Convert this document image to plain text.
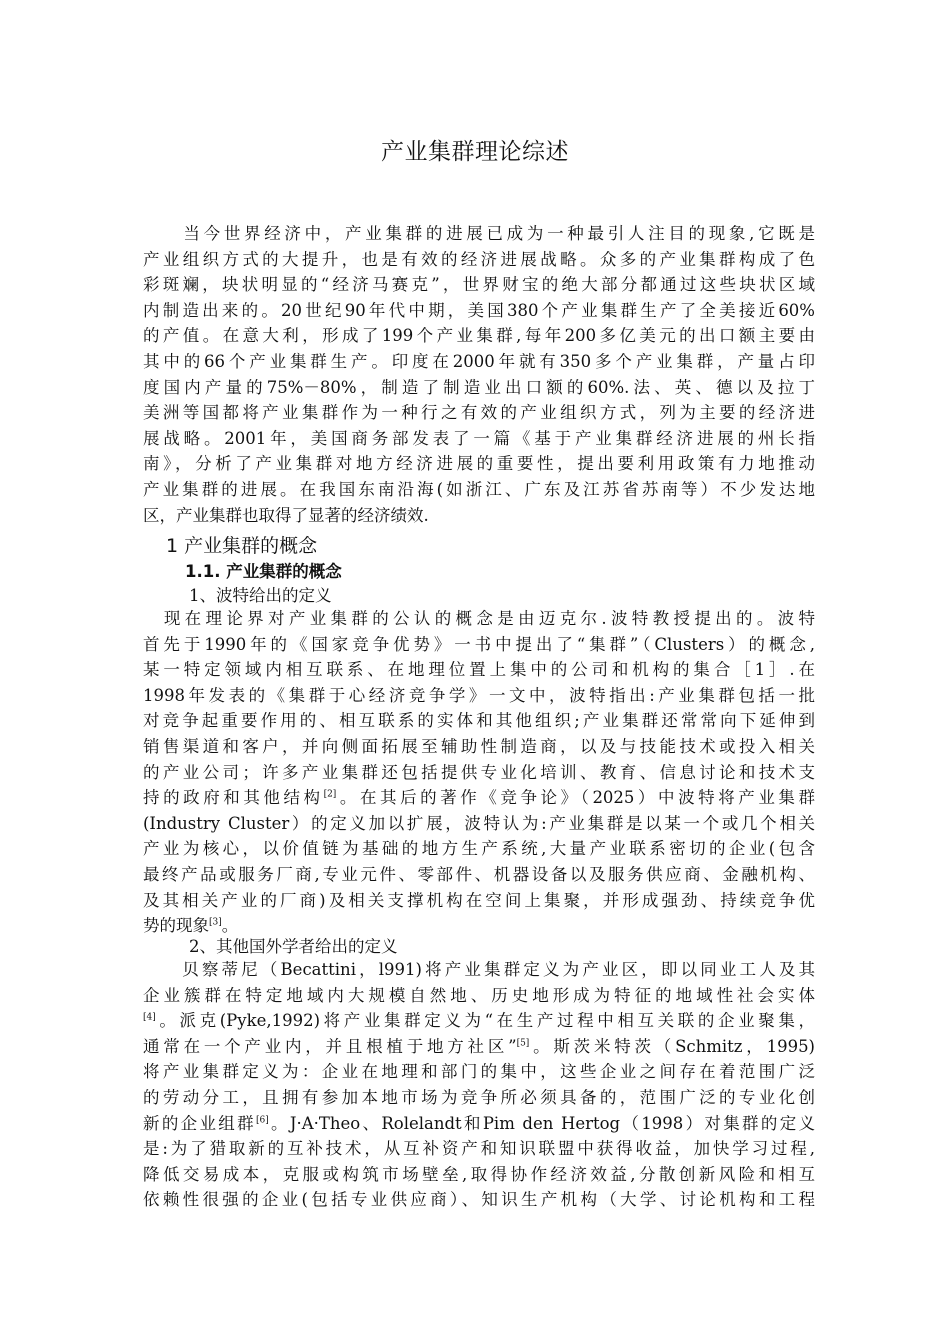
产业集群理论综述
　　当今世界经济中，产业集群的进展已成为一种最引人注目的现象,它既是
产业组织方式的大提升，也是有效的经济进展战略。众多的产业集群构成了色
彩斑斓，块状明显的“经济马赛克”，世界财宝的绝大部分都通过这些块状区域
内制造出来的。20世纪90年代中期，美国380个产业集群生产了全美接近60%
的产值。在意大利，形成了199个产业集群,每年200多亿美元的出口额主要由
其中的66个产业集群生产。印度在2000年就有350多个产业集群，产量占印
度国内产量的75%－80%，制造了制造业出口额的60%.法、英、德以及拉丁
美洲等国都将产业集群作为一种行之有效的产业组织方式，列为主要的经济进
展战略。2001年，美国商务部发表了一篇《基于产业集群经济进展的州长指
南》，分析了产业集群对地方经济进展的重要性，提出要利用政策有力地推动
产业集群的进展。在我国东南沿海(如浙江、广东及江苏省苏南等）不少发达地
区，产业集群也取得了显著的经济绩效.
1 产业集群的概念
1.1. 产业集群的概念
1、波特给出的定义
　现在理论界对产业集群的公认的概念是由迈克尔.波特教授提出的。波特
首先于1990年的《国家竞争优势》一书中提出了“集群”（Clusters）的概念,
某一特定领域内相互联系、在地理位置上集中的公司和机构的集合［1］.在
1998年发表的《集群于心经济竞争学》一文中，波特指出:产业集群包括一批
对竞争起重要作用的、相互联系的实体和其他组织;产业集群还常常向下延伸到
销售渠道和客户，并向侧面拓展至辅助性制造商，以及与技能技术或投入相关
的产业公司；许多产业集群还包括提供专业化培训、教育、信息讨论和技术支
持的政府和其他结构[2]。在其后的著作《竞争论》（2025）中波特将产业集群
(Industry Cluster）的定义加以扩展，波特认为:产业集群是以某一个或几个相关
产业为核心，以价值链为基础的地方生产系统,大量产业联系密切的企业(包含
最终产品或服务厂商,专业元件、零部件、机器设备以及服务供应商、金融机构、
及其相关产业的厂商)及相关支撑机构在空间上集聚，并形成强劲、持续竞争优
势的现象[3]。
2、其他国外学者给出的定义
　　贝察蒂尼（Becattini，l991)将产业集群定义为产业区，即以同业工人及其
企业簇群在特定地域内大规模自然地、历史地形成为特征的地域性社会实体
[4]。派克(Pyke,1992)将产业集群定义为“在生产过程中相互关联的企业聚集，
通常在一个产业内，并且根植于地方社区”[5]。斯茨米特茨（Schmitz，1995)
将产业集群定义为：企业在地理和部门的集中，这些企业之间存在着范围广泛
的劳动分工，且拥有参加本地市场为竞争所必须具备的，范围广泛的专业化创
新的企业组群[6]。J·A·Theo、Rolelandt和Pim den Hertog（1998）对集群的定义
是:为了猎取新的互补技术，从互补资产和知识联盟中获得收益，加快学习过程,
降低交易成本，克服或构筑市场壁垒,取得协作经济效益,分散创新风险和相互
依赖性很强的企业(包括专业供应商）、知识生产机构（大学、讨论机构和工程
